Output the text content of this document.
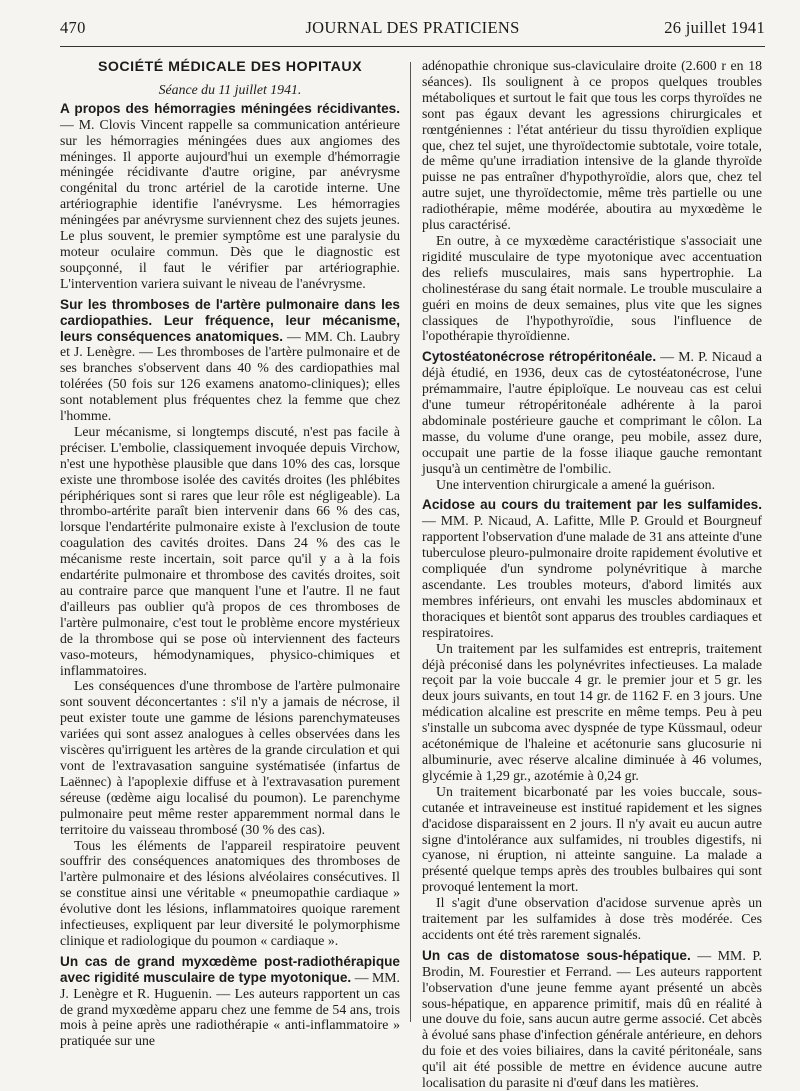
470	JOURNAL DES PRATICIENS	26 juillet 1941
SOCIÉTÉ MÉDICALE DES HOPITAUX
Séance du 11 juillet 1941.

A propos des hémorragies méningées récidivantes. — M. Clovis Vincent rappelle sa communication antérieure sur les hémorragies méningées dues aux angiomes des méninges. Il apporte aujourd'hui un exemple d'hémorragie méningée récidivante d'autre origine, par anévrysme congénital du tronc artériel de la carotide interne. Une artériographie identifie l'anévrysme. Les hémorragies méningées par anévrysme surviennent chez des sujets jeunes. Le plus souvent, le premier symptôme est une paralysie du moteur oculaire commun. Dès que le diagnostic est soupçonné, il faut le vérifier par artériographie. L'intervention variera suivant le niveau de l'anévrysme.

Sur les thromboses de l'artère pulmonaire dans les cardiopathies. Leur fréquence, leur mécanisme, leurs conséquences anatomiques. — MM. Ch. Laubry et J. Lenègre. — Les thromboses de l'artère pulmonaire et de ses branches s'observent dans 40 % des cardiopathies mal tolérées (50 fois sur 126 examens anatomo-cliniques); elles sont notablement plus fréquentes chez la femme que chez l'homme.

Leur mécanisme, si longtemps discuté, n'est pas facile à préciser. L'embolie, classiquement invoquée depuis Virchow, n'est une hypothèse plausible que dans 10% des cas, lorsque existe une thrombose isolée des cavités droites (les phlébites périphériques sont si rares que leur rôle est négligeable). La thrombo-artérite paraît bien intervenir dans 66 % des cas, lorsque l'endartérite pulmonaire existe à l'exclusion de toute coagulation des cavités droites. Dans 24 % des cas le mécanisme reste incertain, soit parce qu'il y a à la fois endartérite pulmonaire et thrombose des cavités droites, soit au contraire parce que manquent l'une et l'autre. Il ne faut d'ailleurs pas oublier qu'à propos de ces thromboses de l'artère pulmonaire, c'est tout le problème encore mystérieux de la thrombose qui se pose où interviennent des facteurs vaso-moteurs, hémodynamiques, physico-chimiques et inflammatoires.

Les conséquences d'une thrombose de l'artère pulmonaire sont souvent déconcertantes : s'il n'y a jamais de nécrose, il peut exister toute une gamme de lésions parenchymateuses variées qui sont assez analogues à celles observées dans les viscères qu'irriguent les artères de la grande circulation et qui vont de l'extravasation sanguine systématisée (infartus de Laënnec) à l'apoplexie diffuse et à l'extravasation purement séreuse (œdème aigu localisé du poumon). Le parenchyme pulmonaire peut même rester apparemment normal dans le territoire du vaisseau thrombosé (30 % des cas).

Tous les éléments de l'appareil respiratoire peuvent souffrir des conséquences anatomiques des thromboses de l'artère pulmonaire et des lésions alvéolaires consécutives. Il se constitue ainsi une véritable « pneumopathie cardiaque » évolutive dont les lésions, inflammatoires quoique rarement infectieuses, expliquent par leur diversité le polymorphisme clinique et radiologique du poumon « cardiaque ».

Un cas de grand myxœdème post-radiothérapique avec rigidité musculaire de type myotonique. — MM. J. Lenègre et R. Huguenin. — Les auteurs rapportent un cas de grand myxœdème apparu chez une femme de 54 ans, trois mois à peine après une radiothérapie « anti-inflammatoire » pratiquée sur une

adénopathie chronique sus-claviculaire droite (2.600 r en 18 séances). Ils soulignent à ce propos quelques troubles métaboliques et surtout le fait que tous les corps thyroïdes ne sont pas égaux devant les agressions chirurgicales et rœntgéniennes : l'état antérieur du tissu thyroïdien explique que, chez tel sujet, une thyroïdectomie subtotale, voire totale, de même qu'une irradiation intensive de la glande thyroïde puisse ne pas entraîner d'hypothyroïdie, alors que, chez tel autre sujet, une thyroïdectomie, même très partielle ou une radiothérapie, même modérée, aboutira au myxœdème le plus caractérisé.

En outre, à ce myxœdème caractéristique s'associait une rigidité musculaire de type myotonique avec accentuation des reliefs musculaires, mais sans hypertrophie. La cholinestérase du sang était normale. Le trouble musculaire a guéri en moins de deux semaines, plus vite que les signes classiques de l'hypothyroïdie, sous l'influence de l'opothérapie thyroïdienne.

Cytostéatonécrose rétropéritonéale. — M. P. Nicaud a déjà étudié, en 1936, deux cas de cytostéatonécrose, l'une prémammaire, l'autre épiploïque. Le nouveau cas est celui d'une tumeur rétropéritonéale adhérente à la paroi abdominale postérieure gauche et comprimant le côlon. La masse, du volume d'une orange, peu mobile, assez dure, occupait une partie de la fosse iliaque gauche remontant jusqu'à un centimètre de l'ombilic.

Une intervention chirurgicale a amené la guérison.

Acidose au cours du traitement par les sulfamides. — MM. P. Nicaud, A. Lafitte, Mlle P. Grould et Bourgneuf rapportent l'observation d'une malade de 31 ans atteinte d'une tuberculose pleuro-pulmonaire droite rapidement évolutive et compliquée d'un syndrome polynévritique à marche ascendante. Les troubles moteurs, d'abord limités aux membres inférieurs, ont envahi les muscles abdominaux et thoraciques et bientôt sont apparus des troubles cardiaques et respiratoires.

Un traitement par les sulfamides est entrepris, traitement déjà préconisé dans les polynévrites infectieuses. La malade reçoit par la voie buccale 4 gr. le premier jour et 5 gr. les deux jours suivants, en tout 14 gr. de 1162 F. en 3 jours. Une médication alcaline est prescrite en même temps. Peu à peu s'installe un subcoma avec dyspnée de type Küssmaul, odeur acétonémique de l'haleine et acétonurie sans glucosurie ni albuminurie, avec réserve alcaline diminuée à 46 volumes, glycémie à 1,29 gr., azotémie à 0,24 gr.

Un traitement bicarbonaté par les voies buccale, sous-cutanée et intraveineuse est institué rapidement et les signes d'acidose disparaissent en 2 jours. Il n'y avait eu aucun autre signe d'intolérance aux sulfamides, ni troubles digestifs, ni cyanose, ni éruption, ni atteinte sanguine. La malade a présenté quelque temps après des troubles bulbaires qui sont provoqué lentement la mort.

Il s'agit d'une observation d'acidose survenue après un traitement par les sulfamides à dose très modérée. Ces accidents ont été très rarement signalés.

Un cas de distomatose sous-hépatique. — MM. P. Brodin, M. Fourestier et Ferrand. — Les auteurs rapportent l'observation d'une jeune femme ayant présenté un abcès sous-hépatique, en apparence primitif, mais dû en réalité à une douve du foie, sans aucun autre germe associé. Cet abcès à évolué sans phase d'infection générale antérieure, en dehors du foie et des voies biliaires, dans la cavité péritonéale, sans qu'il ait été possible de mettre en évidence aucune autre localisation du parasite ni d'œuf dans les matières.
